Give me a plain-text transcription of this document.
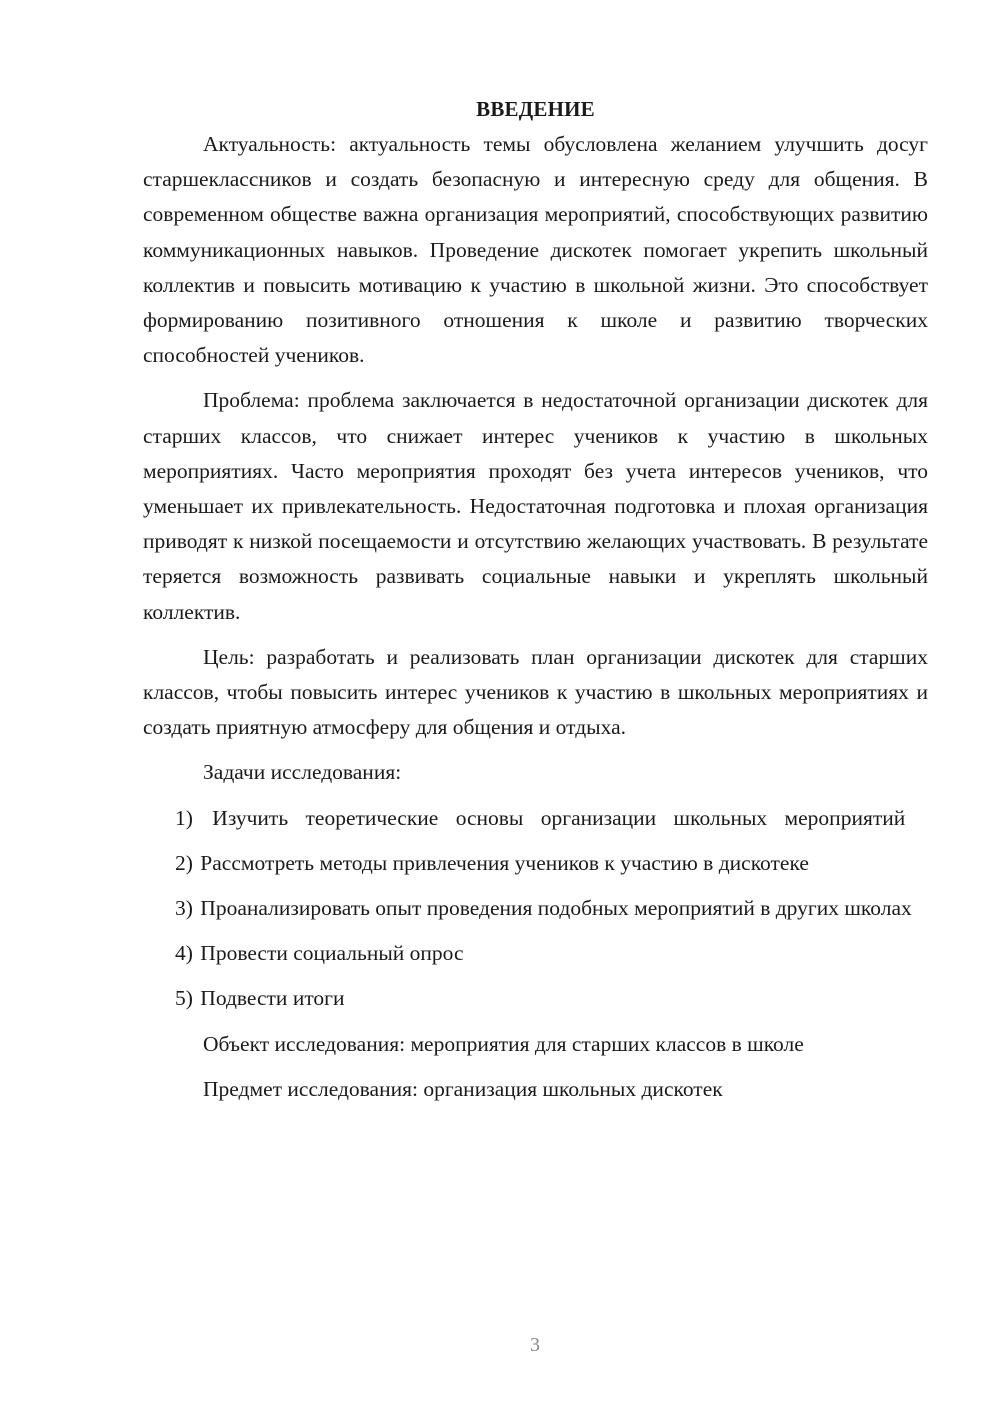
ВВЕДЕНИЕ

Актуальность: актуальность темы обусловлена желанием улучшить досуг старшеклассников и создать безопасную и интересную среду для общения. В современном обществе важна организация мероприятий, способствующих развитию коммуникационных навыков. Проведение дискотек помогает укрепить школьный коллектив и повысить мотивацию к участию в школьной жизни. Это способствует формированию позитивного отношения к школе и развитию творческих способностей учеников.

Проблема: проблема заключается в недостаточной организации дискотек для старших классов, что снижает интерес учеников к участию в школьных мероприятиях. Часто мероприятия проходят без учета интересов учеников, что уменьшает их привлекательность. Недостаточная подготовка и плохая организация приводят к низкой посещаемости и отсутствию желающих участвовать. В результате теряется возможность развивать социальные навыки и укреплять школьный коллектив.

Цель: разработать и реализовать план организации дискотек для старших классов, чтобы повысить интерес учеников к участию в школьных мероприятиях и создать приятную атмосферу для общения и отдыха.

Задачи исследования:

1) Изучить теоретические основы организации школьных мероприятий

2) Рассмотреть методы привлечения учеников к участию в дискотеке

3) Проанализировать опыт проведения подобных мероприятий в других школах

4) Провести социальный опрос

5) Подвести итоги

Объект исследования: мероприятия для старших классов в школе

Предмет исследования: организация школьных дискотек

3
